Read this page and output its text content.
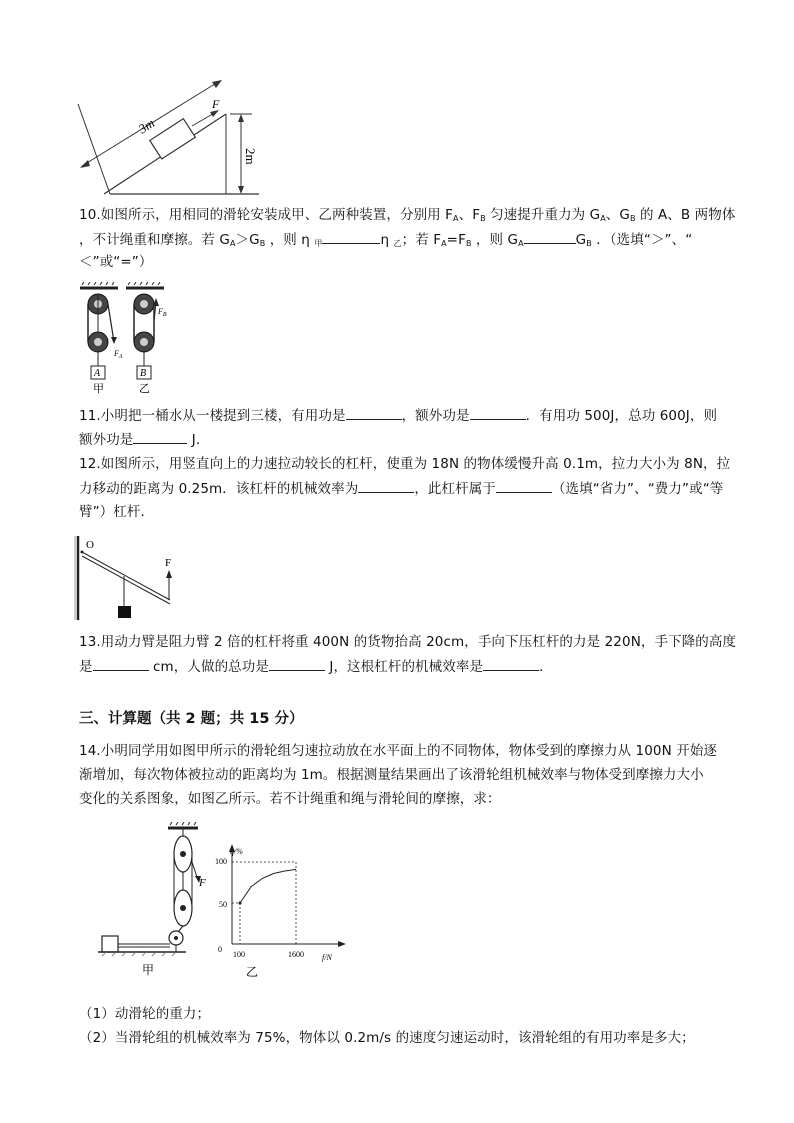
3m
F
2m
10.如图所示，用相同的滑轮安装成甲、乙两种装置，分别用 $F_A$、$F_B$ 匀速提升重力为 $G_A$、$G_B$ 的 A、B 两物体
，不计绳重和摩擦。若 $G_A>G_B$ ，则 η $_甲$	η $_乙$；若 $F_A=F_B$ ，则 $G_A$	$G_B$ ．（选填“＞”、“
＜”或“=”）
A
$F_A$
甲
B
$F_B$
乙
11.小明把一桶水从一楼提到三楼，有用功是	，额外功是	．有用功 500J，总功 600J，则
额外功是	J．
12.如图所示，用竖直向上的力速拉动较长的杠杆，使重为 18N 的物体缓慢升高 0.1m，拉力大小为 8N，拉
力移动的距离为 0.25m．该杠杆的机械效率为	，此杠杆属于	（选填“省力”、“费力”或“等
臂”）杠杆．
O
F
13.用动力臂是阻力臂 2 倍的杠杆将重 400N 的货物抬高 20cm，手向下压杠杆的力是 220N，手下降的高度
是	cm，人做的总功是	J，这根杠杆的机械效率是	．
三、计算题（共 2 题；共 15 分）
14.小明同学用如图甲所示的滑轮组匀速拉动放在水平面上的不同物体，物体受到的摩擦力从 100N 开始逐
渐增加，每次物体被拉动的距离均为 1m。根据测量结果画出了该滑轮组机械效率与物体受到摩擦力大小
变化的关系图象，如图乙所示。若不计绳重和绳与滑轮间的摩擦，求：
F
甲
η/%
f/N
0
100
50
100	1600
乙
（1）动滑轮的重力；
（2）当滑轮组的机械效率为 75%，物体以 0.2m/s 的速度匀速运动时，该滑轮组的有用功率是多大；
